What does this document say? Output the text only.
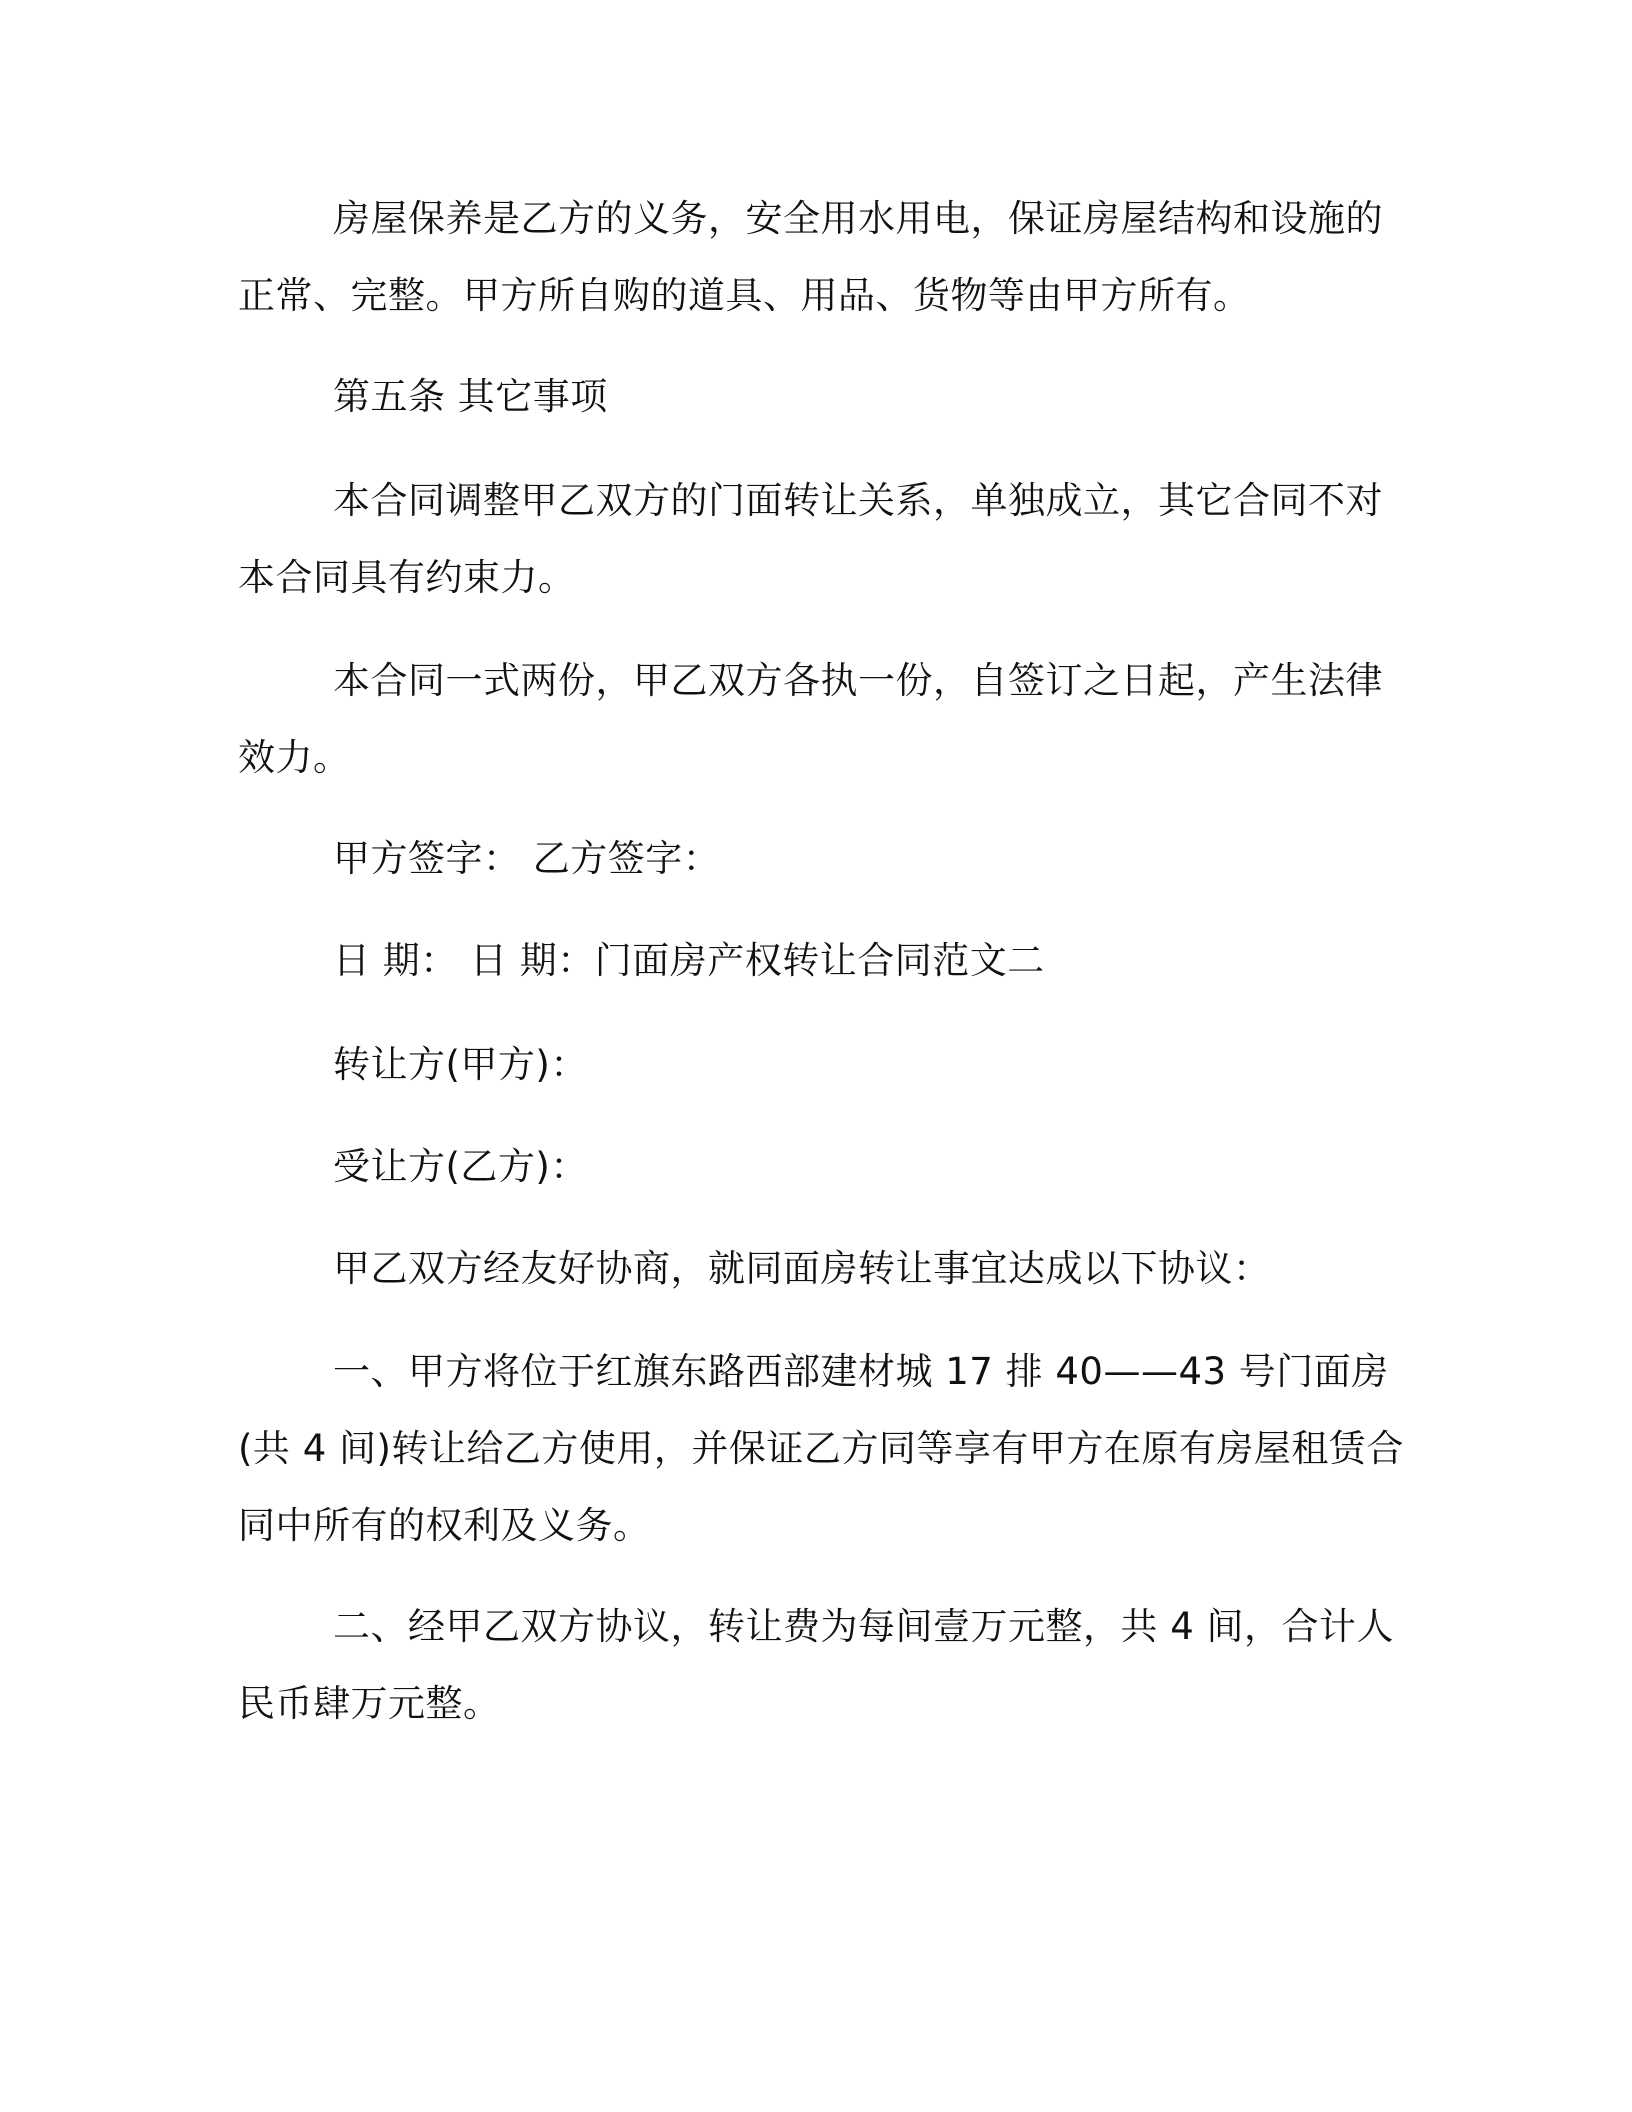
房屋保养是乙方的义务，安全用水用电，保证房屋结构和设施的
正常、完整。甲方所自购的道具、用品、货物等由甲方所有。
第五条 其它事项
本合同调整甲乙双方的门面转让关系，单独成立，其它合同不对
本合同具有约束力。
本合同一式两份，甲乙双方各执一份，自签订之日起，产生法律
效力。
甲方签字： 乙方签字：
日 期： 日 期：门面房产权转让合同范文二
转让方(甲方)：
受让方(乙方)：
甲乙双方经友好协商，就同面房转让事宜达成以下协议：
一、甲方将位于红旗东路西部建材城 17 排 40——43 号门面房
(共 4 间)转让给乙方使用，并保证乙方同等享有甲方在原有房屋租赁合
同中所有的权利及义务。
二、经甲乙双方协议，转让费为每间壹万元整，共 4 间，合计人
民币肆万元整。
